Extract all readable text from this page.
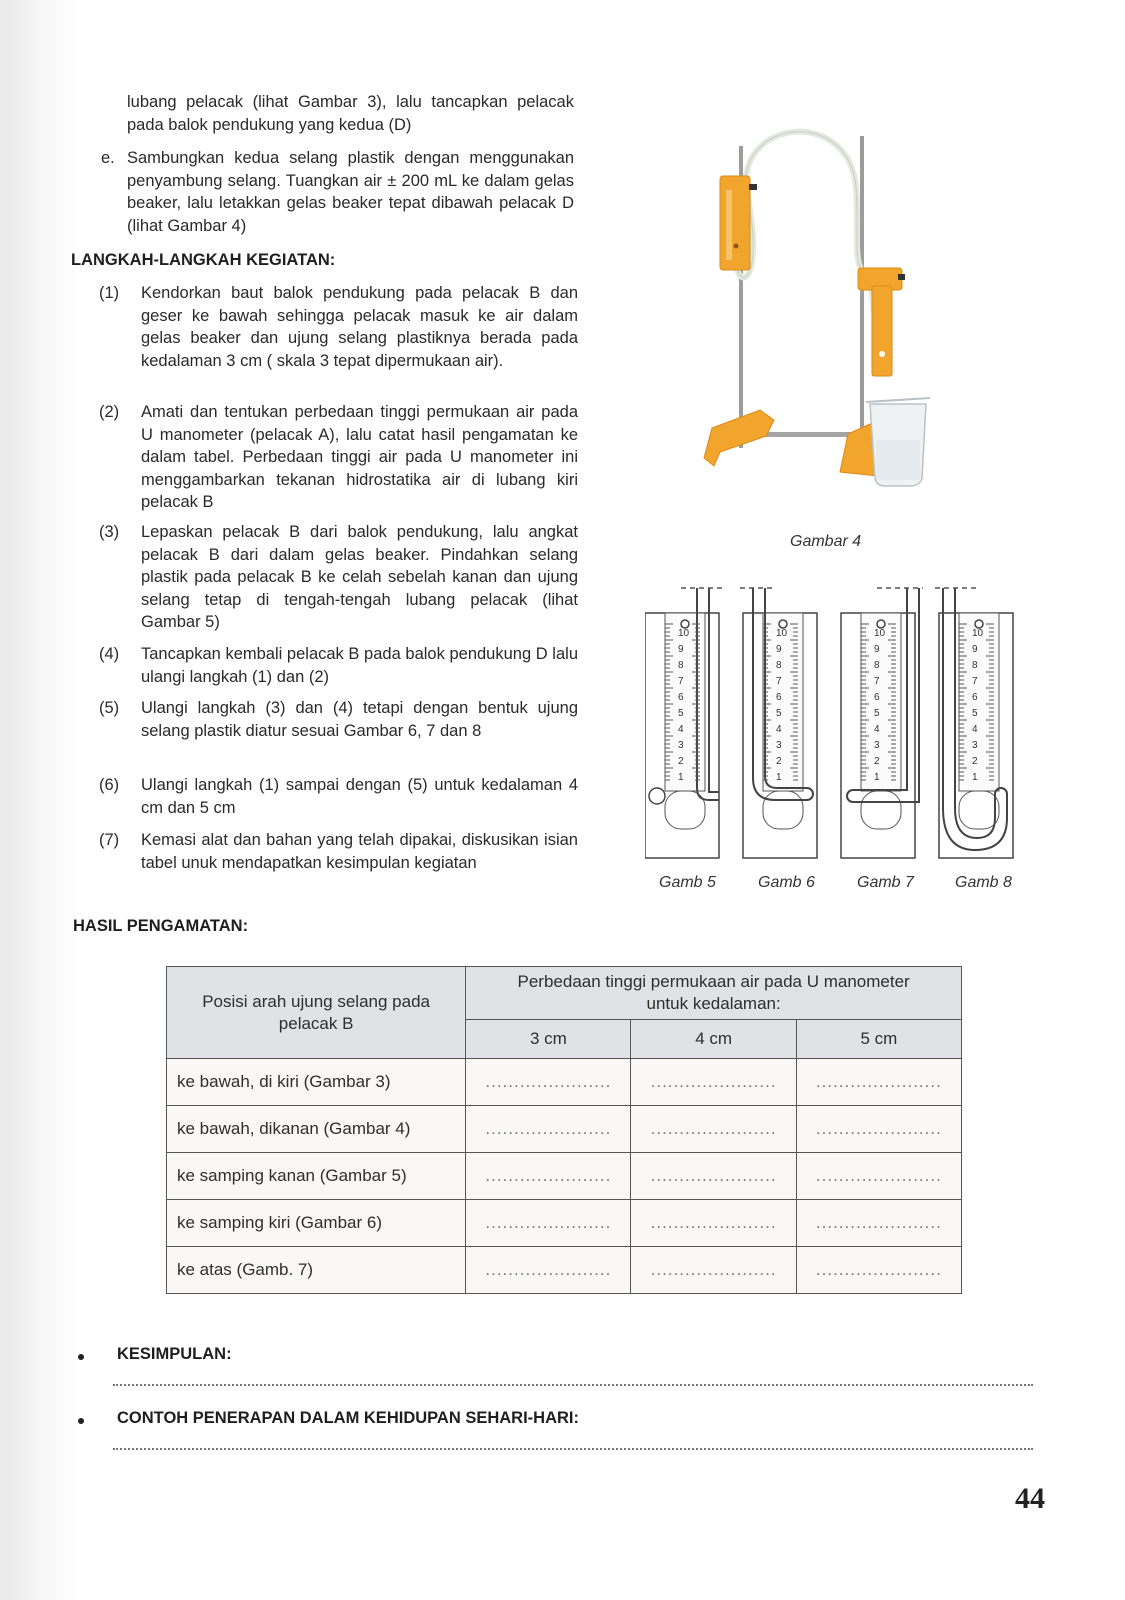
lubang pelacak (lihat Gambar 3), lalu tancapkan pelacak pada balok pendukung yang kedua (D)
e. Sambungkan kedua selang plastik dengan menggunakan penyambung selang. Tuangkan air ± 200 mL ke dalam gelas beaker, lalu letakkan gelas beaker tepat dibawah pelacak D (lihat Gambar 4)
LANGKAH-LANGKAH KEGIATAN:
(1) Kendorkan baut balok pendukung pada pelacak B dan geser ke bawah sehingga pelacak masuk ke air dalam gelas beaker dan ujung selang plastiknya berada pada kedalaman 3 cm ( skala 3 tepat dipermukaan air).
(2) Amati dan tentukan perbedaan tinggi permukaan air pada U manometer (pelacak A), lalu catat hasil pengamatan ke dalam tabel. Perbedaan tinggi air pada U manometer ini menggambarkan tekanan hidrostatika air di lubang kiri pelacak B
(3) Lepaskan pelacak B dari balok pendukung, lalu angkat pelacak B dari dalam gelas beaker. Pindahkan selang plastik pada pelacak B ke celah sebelah kanan dan ujung selang tetap di tengah-tengah lubang pelacak (lihat Gambar 5)
(4) Tancapkan kembali pelacak B pada balok pendukung D lalu ulangi langkah (1) dan (2)
(5) Ulangi langkah (3) dan (4) tetapi dengan bentuk ujung selang plastik diatur sesuai Gambar 6, 7 dan 8
(6) Ulangi langkah (1) sampai dengan (5) untuk kedalaman 4 cm dan 5 cm
(7) Kemasi alat dan bahan yang telah dipakai, diskusikan isian tabel unuk mendapatkan kesimpulan kegiatan
Gambar 4
10
9
8
7
6
5
4
3
2
1
10
9
8
7
6
5
4
3
2
1
10
9
8
7
6
5
4
3
2
1
10
9
8
7
6
5
4
3
2
1
Gamb 5	Gamb 6	Gamb 7	Gamb 8
HASIL PENGAMATAN:
Posisi arah ujung selang pada pelacak B	Perbedaan tinggi permukaan air pada U manometer untuk kedalaman:		
	3 cm	4 cm	5 cm
ke bawah, di kiri (Gambar 3)	......................	......................	......................
ke bawah, dikanan (Gambar 4)	......................	......................	......................
ke samping kanan (Gambar 5)	......................	......................	......................
ke samping kiri (Gambar 6)	......................	......................	......................
ke atas (Gamb. 7)	......................	......................	......................
KESIMPULAN:
CONTOH PENERAPAN DALAM KEHIDUPAN SEHARI-HARI:
44
